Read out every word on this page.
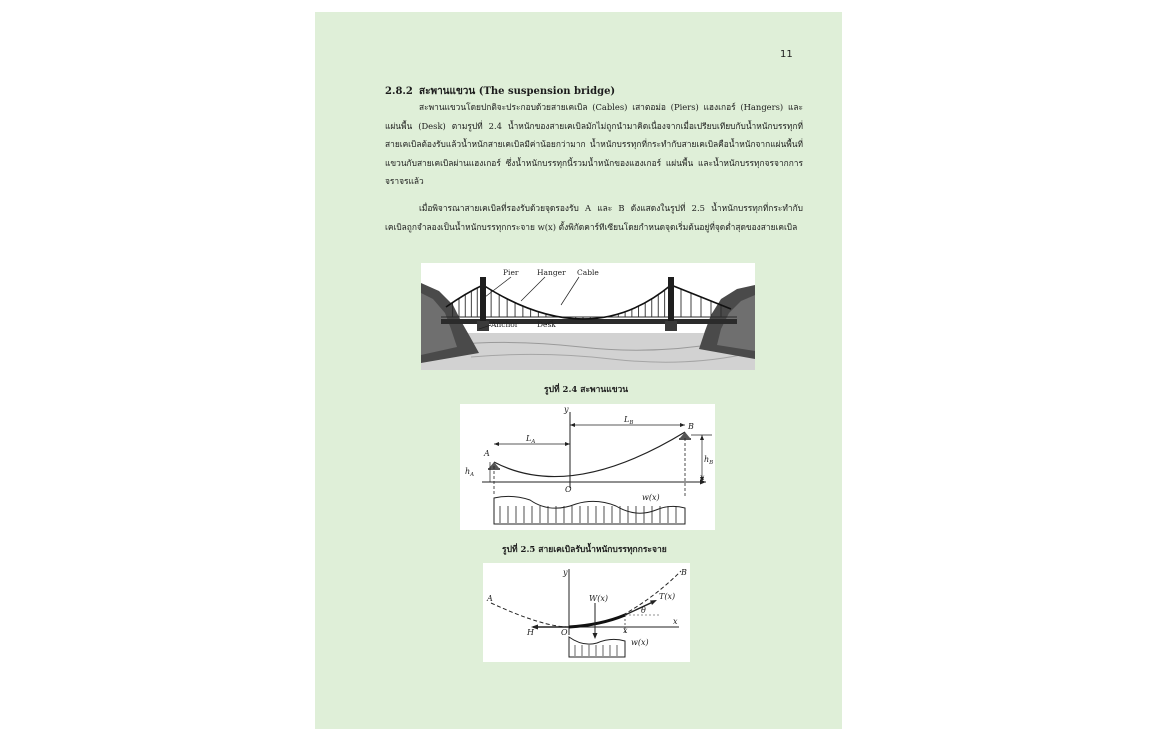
11
2.8.2 สะพานแขวน (The suspension bridge)

สะพานแขวนโดยปกติจะประกอบด้วยสายเคเบิล (Cables) เสาตอม่อ (Piers) แฮงเกอร์ (Hangers) และแผ่นพื้น (Desk) ตามรูปที่ 2.4 น้ำหนักของสายเคเบิลมักไม่ถูกนำมาคิดเนื่องจากเมื่อเปรียบเทียบกับน้ำหนักบรรทุกที่สายเคเบิลต้องรับแล้วน้ำหนักสายเคเบิลมีค่าน้อยกว่ามาก น้ำหนักบรรทุกที่กระทำกับสายเคเบิลคือน้ำหนักจากแผ่นพื้นที่แขวนกับสายเคเบิลผ่านแฮงเกอร์ ซึ่งน้ำหนักบรรทุกนี้รวมน้ำหนักของแฮงเกอร์ แผ่นพื้น และน้ำหนักบรรทุกจรจากการจราจรแล้ว

เมื่อพิจารณาสายเคเบิลที่รองรับด้วยจุดรองรับ A และ B ดังแสดงในรูปที่ 2.5 น้ำหนักบรรทุกที่กระทำกับเคเบิลถูกจำลองเป็นน้ำหนักบรรทุกกระจาย w(x) ตั้งพิกัดคาร์ทีเซียนโดยกำหนดจุดเริ่มต้นอยู่ที่จุดต่ำสุดของสายเคเบิล

Pier Hanger Cable
Anchor Desk
รูปที่ 2.4 สะพานแขวน
y
x
O
A
B
$L_A$
$L_B$
$h_A$
$h_B$
w(x)
รูปที่ 2.5 สายเคเบิลรับน้ำหนักบรรทุกกระจาย
y
x
x
O
A
B
H
W(x)	T(x)
θ
w(x)
